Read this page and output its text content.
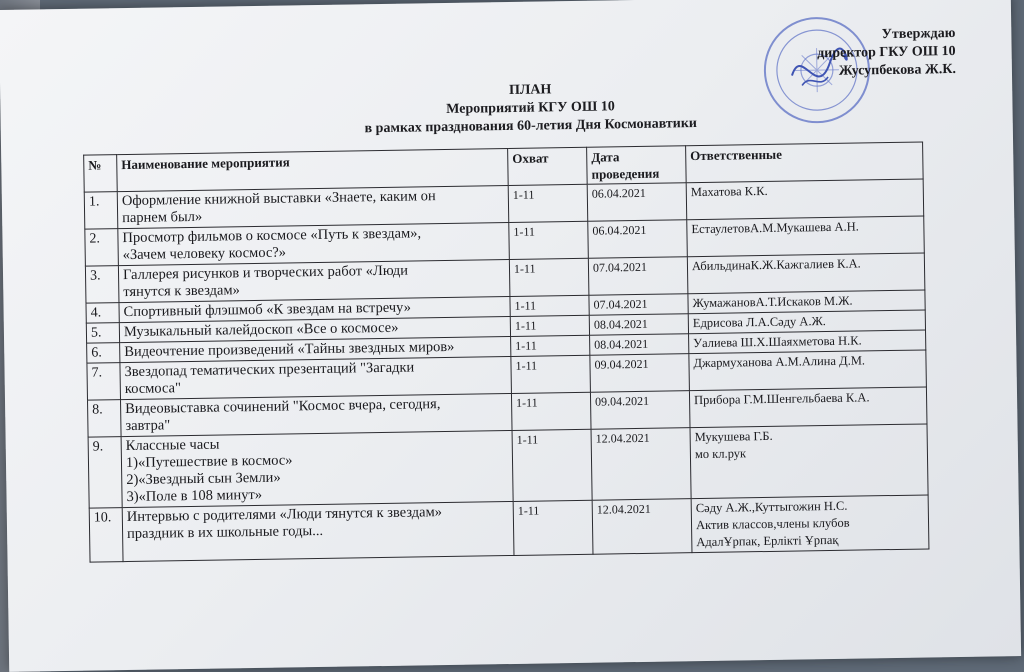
Утверждаю
директор ГКУ ОШ 10
Жусупбекова Ж.К.
ПЛАН
Мероприятий КГУ ОШ 10
в рамках празднования 60-летия Дня Космонавтики
№	Наименование мероприятия	Охват	Дата
проведения	Ответственные
1.	Оформление книжной выставки «Знаете, каким он
парнем был»	1-11	06.04.2021	Махатова К.К.

2.	Просмотр фильмов о космосе «Путь к звездам»,
«Зачем человеку космос?»	1-11	06.04.2021	ЕстаулетовА.М.Мукашева А.Н.

3.	Галлерея рисунков и творческих работ «Люди
тянутся к звездам»	1-11	07.04.2021	АбильдинаК.Ж.Кажгалиев К.А.

4.	Спортивный флэшмоб «К звездам на встречу»	1-11	07.04.2021	ЖумажановА.Т.Искаков М.Ж.

5.	Музыкальный калейдоскоп «Все о космосе»	1-11	08.04.2021	Едрисова Л.А.Сәду А.Ж.

6.	Видеочтение произведений «Тайны звездных миров»	1-11	08.04.2021	Уалиева Ш.Х.Шаяхметова Н.К.

7.	Звездопад тематических презентаций "Загадки
космоса"	1-11	09.04.2021	Джармуханова А.М.Алина Д.М.

8.	Видеовыставка сочинений "Космос вчера, сегодня,
завтра"	1-11	09.04.2021	Прибора Г.М.Шенгельбаева К.А.

9.	Классные часы
1)«Путешествие в космос»
2)«Звездный сын Земли»
3)«Поле в 108 минут»	1-11	12.04.2021	Мукушева Г.Б.
мо кл.рук

10.	Интервью с родителями «Люди тянутся к звездам»
праздник в их школьные годы...	1-11	12.04.2021	Сәду А.Ж.,Куттыгожин Н.С.
Актив классов,члены клубов
АдалҰрпак, Ерлікті Ұрпақ
